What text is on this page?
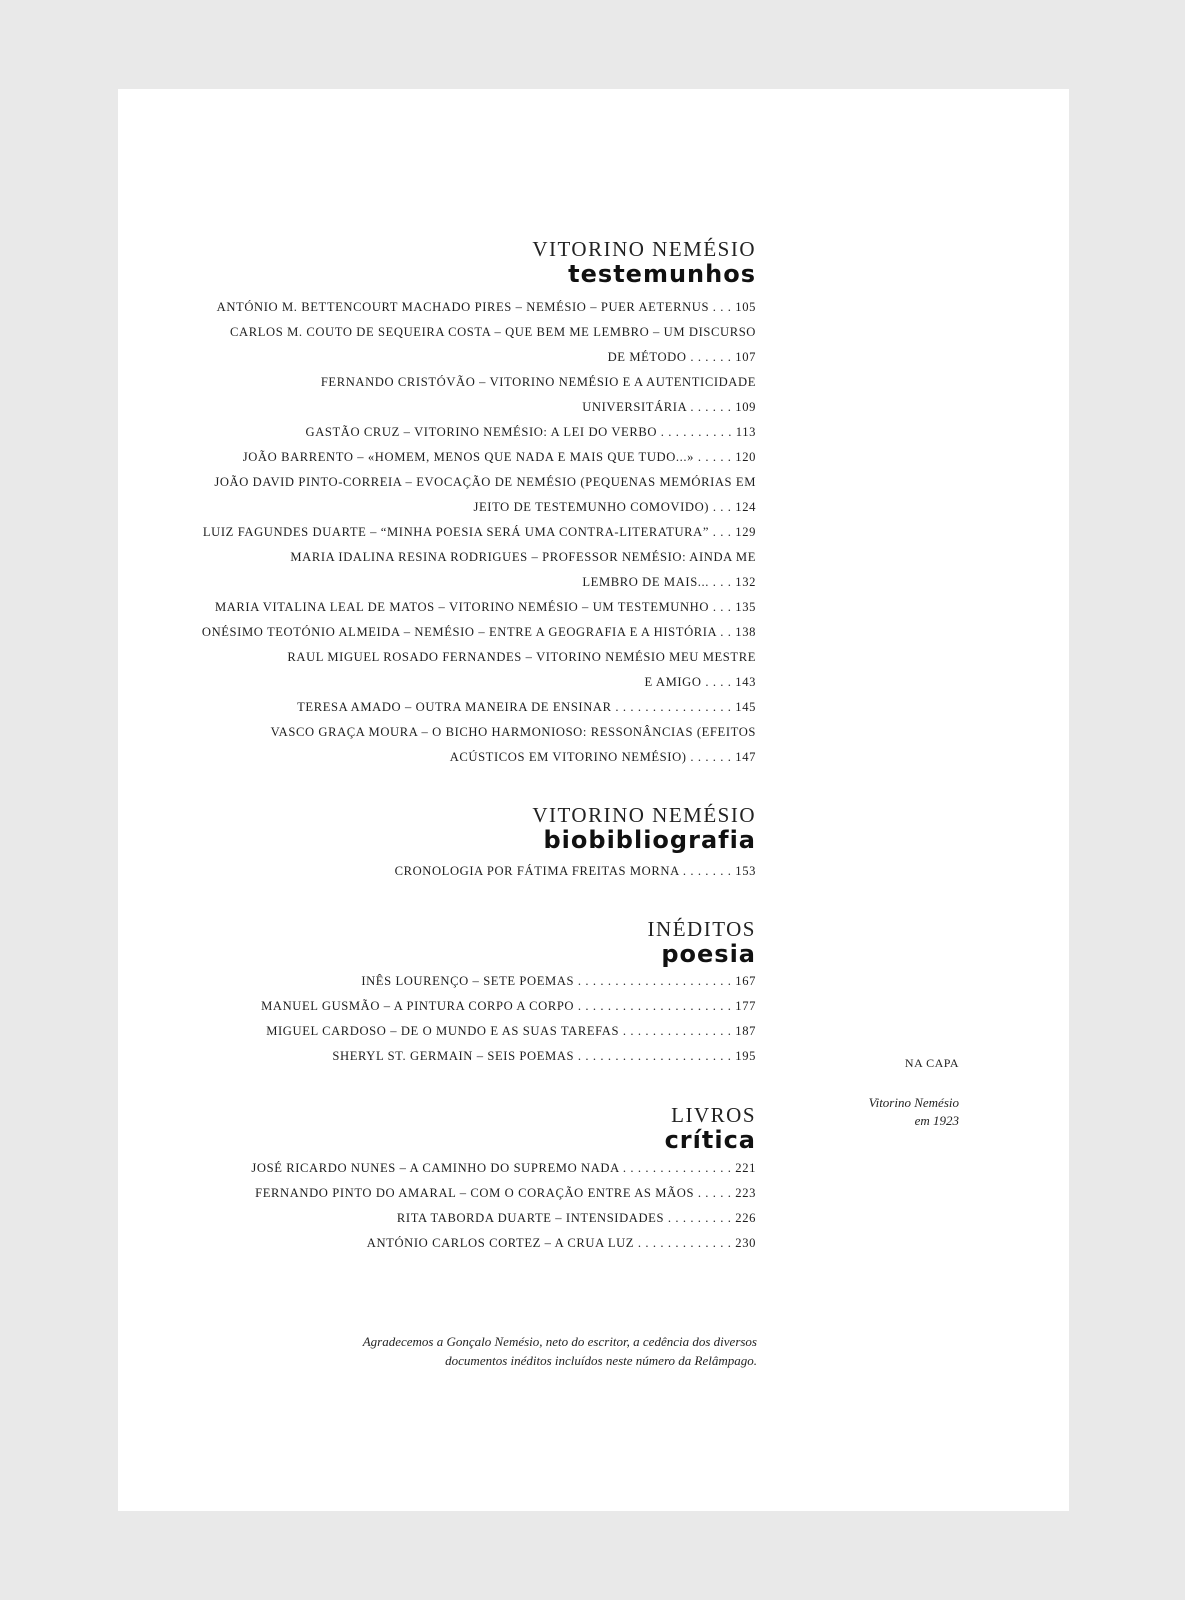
VITORINO NEMÉSIO
testemunhos
ANTÓNIO M. BETTENCOURT MACHADO PIRES – NEMÉSIO – PUER AETERNUS . . . 105
CARLOS M. COUTO DE SEQUEIRA COSTA – QUE BEM ME LEMBRO – UM DISCURSO
DE MÉTODO . . . . . . 107
FERNANDO CRISTÓVÃO – VITORINO NEMÉSIO E A AUTENTICIDADE
UNIVERSITÁRIA . . . . . . 109
GASTÃO CRUZ – VITORINO NEMÉSIO: A LEI DO VERBO . . . . . . . . . . 113
JOÃO BARRENTO – «HOMEM, MENOS QUE NADA E MAIS QUE TUDO...» . . . . . 120
JOÃO DAVID PINTO-CORREIA – EVOCAÇÃO DE NEMÉSIO (PEQUENAS MEMÓRIAS EM
JEITO DE TESTEMUNHO COMOVIDO) . . . 124
LUIZ FAGUNDES DUARTE – “MINHA POESIA SERÁ UMA CONTRA-LITERATURA” . . . 129
MARIA IDALINA RESINA RODRIGUES – PROFESSOR NEMÉSIO: AINDA ME
LEMBRO DE MAIS... . . . 132
MARIA VITALINA LEAL DE MATOS – VITORINO NEMÉSIO – UM TESTEMUNHO . . . 135
ONÉSIMO TEOTÓNIO ALMEIDA – NEMÉSIO – ENTRE A GEOGRAFIA E A HISTÓRIA . . 138
RAUL MIGUEL ROSADO FERNANDES – VITORINO NEMÉSIO MEU MESTRE
E AMIGO . . . . 143
TERESA AMADO – OUTRA MANEIRA DE ENSINAR . . . . . . . . . . . . . . . . 145
VASCO GRAÇA MOURA – O BICHO HARMONIOSO: RESSONÂNCIAS (EFEITOS
ACÚSTICOS EM VITORINO NEMÉSIO) . . . . . . 147
VITORINO NEMÉSIO
biobibliografia
CRONOLOGIA POR FÁTIMA FREITAS MORNA . . . . . . . 153
INÉDITOS
poesia
INÊS LOURENÇO – SETE POEMAS . . . . . . . . . . . . . . . . . . . . . 167
MANUEL GUSMÃO – A PINTURA CORPO A CORPO . . . . . . . . . . . . . . . . . . . . . 177
MIGUEL CARDOSO – DE O MUNDO E AS SUAS TAREFAS . . . . . . . . . . . . . . . 187
SHERYL ST. GERMAIN – SEIS POEMAS . . . . . . . . . . . . . . . . . . . . . 195
LIVROS
crítica
JOSÉ RICARDO NUNES – A CAMINHO DO SUPREMO NADA . . . . . . . . . . . . . . . 221
FERNANDO PINTO DO AMARAL – COM O CORAÇÃO ENTRE AS MÃOS . . . . . 223
RITA TABORDA DUARTE – INTENSIDADES . . . . . . . . . 226
ANTÓNIO CARLOS CORTEZ – A CRUA LUZ . . . . . . . . . . . . . 230
NA CAPA
Vitorino Nemésio
em 1923
Agradecemos a Gonçalo Nemésio, neto do escritor, a cedência dos diversos
documentos inéditos incluídos neste número da Relâmpago.
